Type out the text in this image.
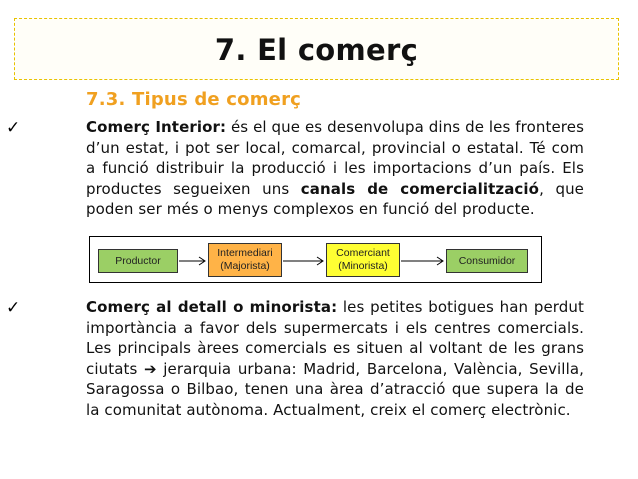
7. El comerç
7.3. Tipus de comerç
✓	Comerç Interior: és el que es desenvolupa dins de les fronteres d’un estat, i pot ser local, comarcal, provincial o estatal. Té com a funció distribuir la producció i les importacions d’un país. Els productes segueixen uns canals de comercialització, que poden ser més o menys complexos en funció del producte.
Productor
Intermediari
(Majorista)
Comerciant
(Minorista)	Consumidor
✓	Comerç al detall o minorista: les petites botigues han perdut importància a favor dels supermercats i els centres comercials. Les principals àrees comercials es situen al voltant de les grans ciutats ➔ jerarquia urbana: Madrid, Barcelona, València, Sevilla, Saragossa o Bilbao, tenen una àrea d’atracció que supera la de la comunitat autònoma. Actualment, creix el comerç electrònic.
